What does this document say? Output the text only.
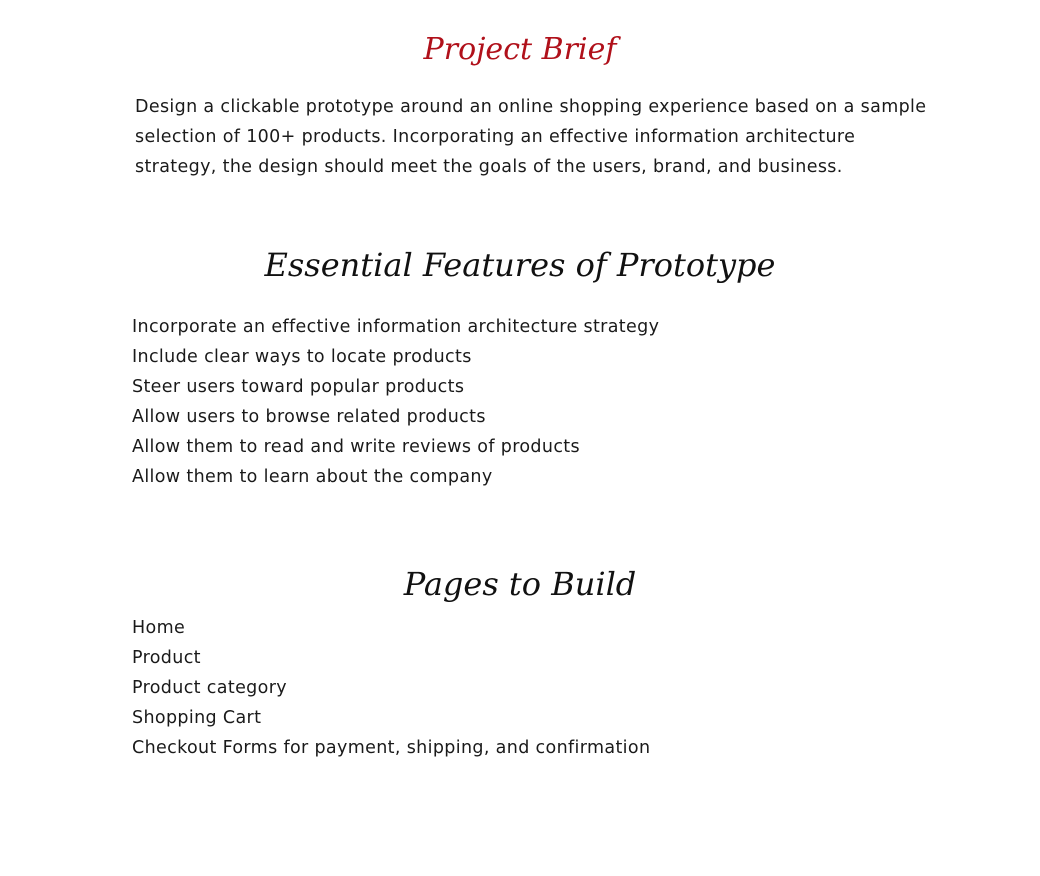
Project Brief

Design a clickable prototype around an online shopping experience based on a sample
selection of 100+ products. Incorporating an effective information architecture
strategy, the design should meet the goals of the users, brand, and business.

Essential Features of Prototype
Incorporate an effective information architecture strategy
Include clear ways to locate products
Steer users toward popular products
Allow users to browse related products
Allow them to read and write reviews of products
Allow them to learn about the company
Pages to Build
Home
Product
Product category
Shopping Cart
Checkout Forms for payment, shipping, and confirmation
